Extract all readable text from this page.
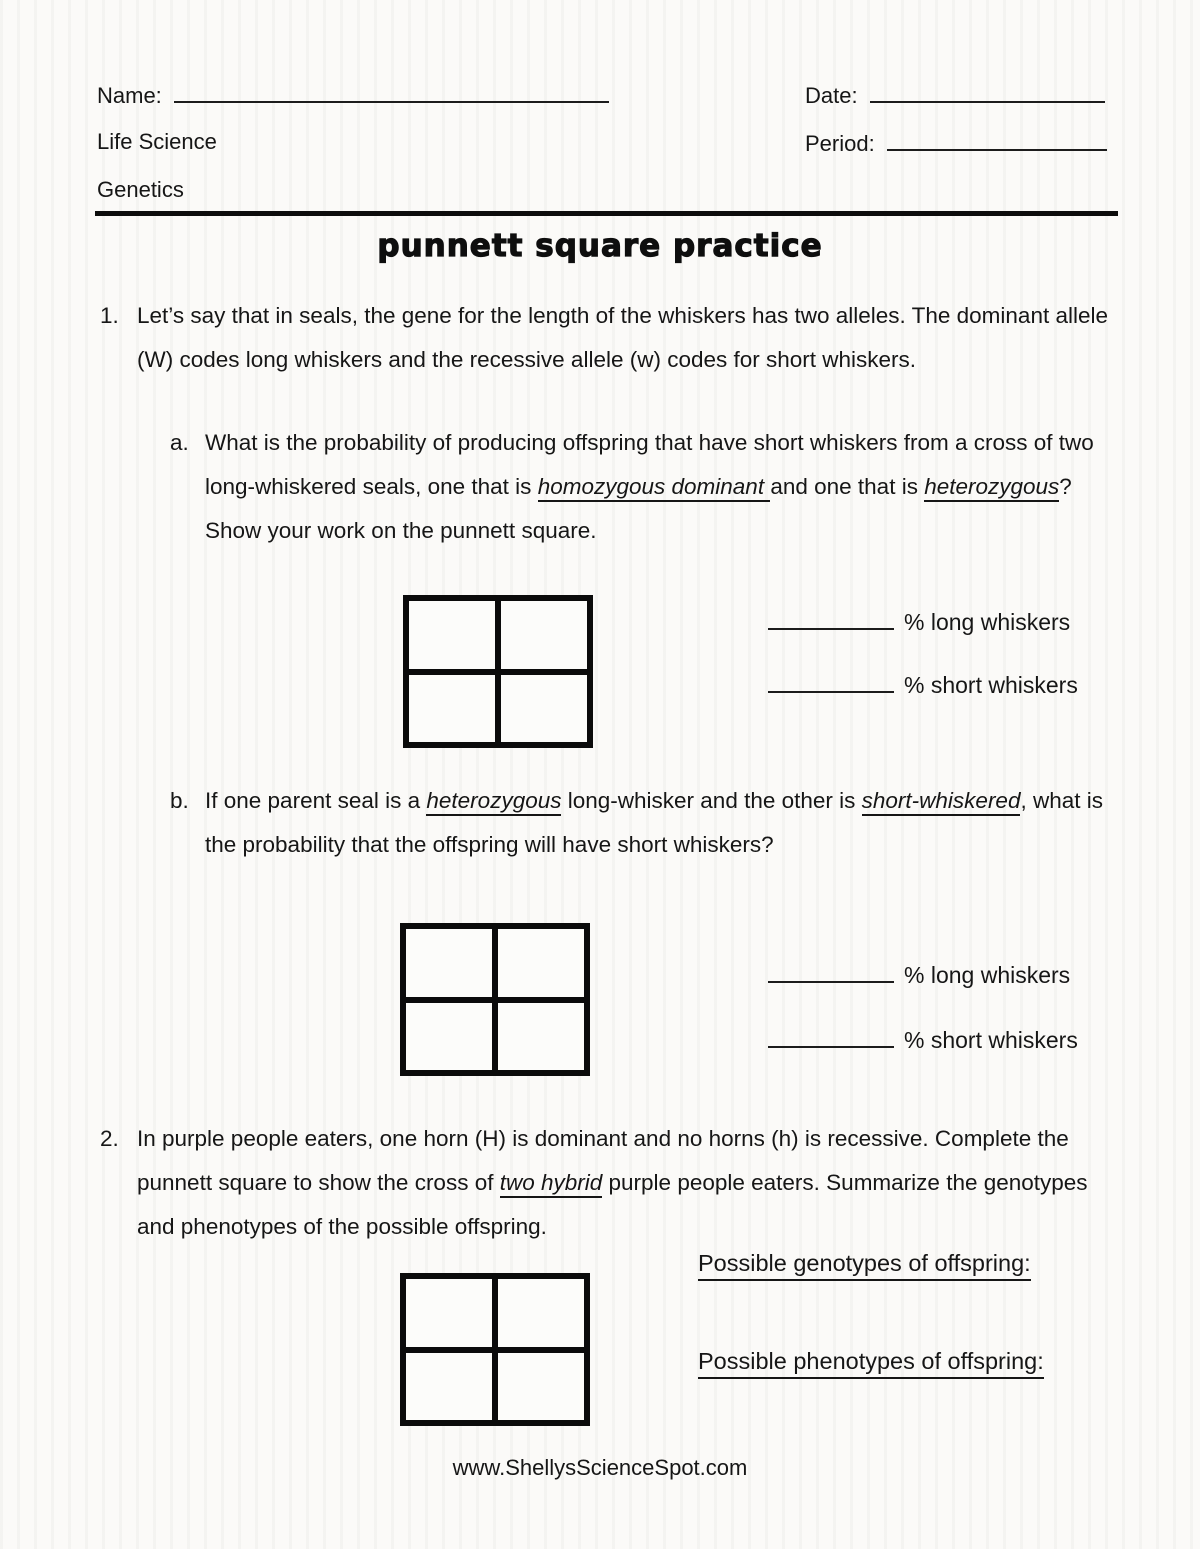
Name:	Date:
Life Science	Period:
Genetics
punnett square practice
1. Let’s say that in seals, the gene for the length of the whiskers has two alleles. The dominant allele (W) codes long whiskers and the recessive allele (w) codes for short whiskers.
a. What is the probability of producing offspring that have short whiskers from a cross of two long-whiskered seals, one that is homozygous dominant and one that is heterozygous? Show your work on the punnett square.
% long whiskers
% short whiskers
b. If one parent seal is a heterozygous long-whisker and the other is short-whiskered, what is the probability that the offspring will have short whiskers?
% long whiskers
% short whiskers
2. In purple people eaters, one horn (H) is dominant and no horns (h) is recessive. Complete the punnett square to show the cross of two hybrid purple people eaters. Summarize the genotypes and phenotypes of the possible offspring.
Possible genotypes of offspring:
Possible phenotypes of offspring:
www.ShellysScienceSpot.com
